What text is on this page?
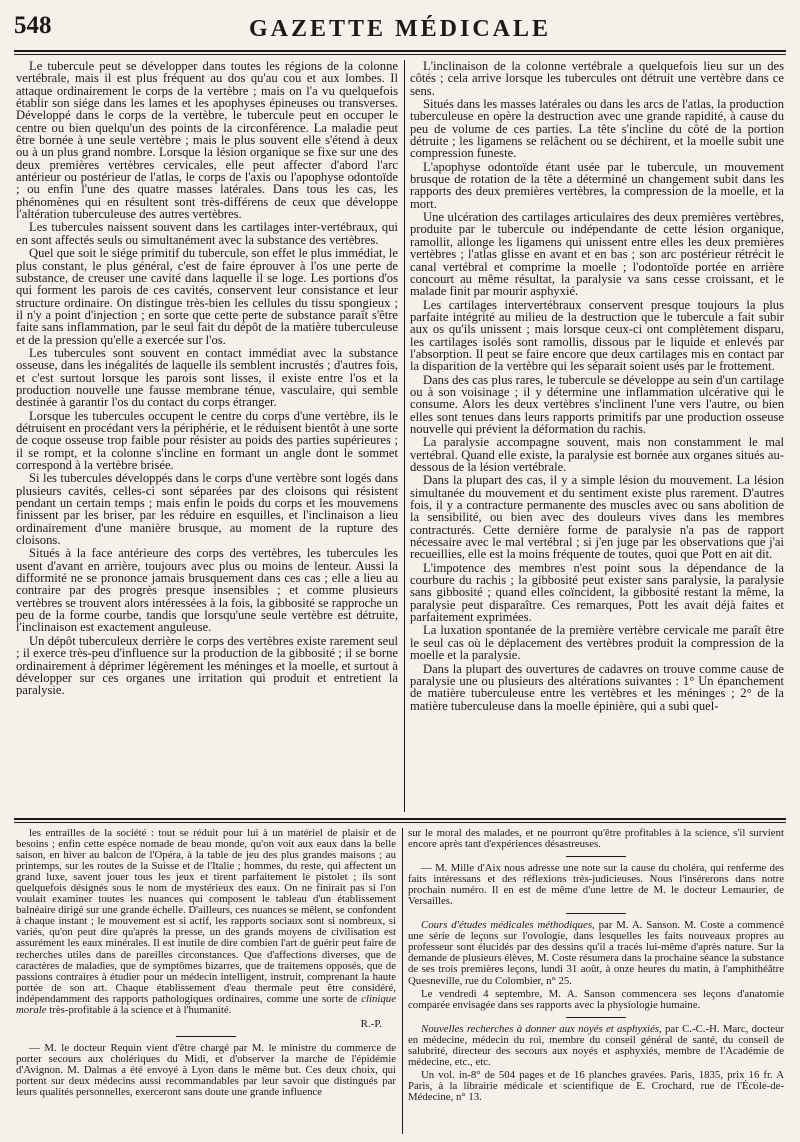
548	GAZETTE MÉDICALE

Le tubercule peut se développer dans toutes les régions de la colonne vertébrale, mais il est plus fréquent au dos qu'au cou et aux lombes. Il attaque ordinairement le corps de la vertèbre ; mais on l'a vu quelquefois établir son siége dans les lames et les apophyses épineuses ou transverses. Développé dans le corps de la vertèbre, le tubercule peut en occuper le centre ou bien quelqu'un des points de la circonférence. La maladie peut être bornée à une seule vertèbre ; mais le plus souvent elle s'étend à deux ou à un plus grand nombre. Lorsque la lésion organique se fixe sur une des deux premières vertèbres cervicales, elle peut affecter d'abord l'arc antérieur ou postérieur de l'atlas, le corps de l'axis ou l'apophyse odontoïde ; ou enfin l'une des quatre masses latérales. Dans tous les cas, les phénomènes qui en résultent sont très-différens de ceux que développe l'altération tuberculeuse des autres vertèbres.

Les tubercules naissent souvent dans les cartilages inter-vertébraux, qui en sont affectés seuls ou simultanément avec la substance des vertèbres.

Quel que soit le siége primitif du tubercule, son effet le plus immédiat, le plus constant, le plus général, c'est de faire éprouver à l'os une perte de substance, de creuser une cavité dans laquelle il se loge. Les portions d'os qui forment les parois de ces cavités, conservent leur consistance et leur structure ordinaire. On distingue très-bien les cellules du tissu spongieux ; il n'y a point d'injection ; en sorte que cette perte de substance paraît s'être faite sans inflammation, par le seul fait du dépôt de la matière tuberculeuse et de la pression qu'elle a exercée sur l'os.

Les tubercules sont souvent en contact immédiat avec la substance osseuse, dans les inégalités de laquelle ils semblent incrustés ; d'autres fois, et c'est surtout lorsque les parois sont lisses, il existe entre l'os et la production nouvelle une fausse membrane ténue, vasculaire, qui semble destinée à garantir l'os du contact du corps étranger.

Lorsque les tubercules occupent le centre du corps d'une vertèbre, ils le détruisent en procédant vers la périphérie, et le réduisent bientôt à une sorte de coque osseuse trop faible pour résister au poids des parties supérieures ; il se rompt, et la colonne s'incline en formant un angle dont le sommet correspond à la vertèbre brisée.

Si les tubercules développés dans le corps d'une vertèbre sont logés dans plusieurs cavités, celles-ci sont séparées par des cloisons qui résistent pendant un certain temps ; mais enfin le poids du corps et les mouvemens finissent par les briser, par les réduire en esquilles, et l'inclinaison a lieu ordinairement d'une manière brusque, au moment de la rupture des cloisons.

Situés à la face antérieure des corps des vertèbres, les tubercules les usent d'avant en arrière, toujours avec plus ou moins de lenteur. Aussi la difformité ne se prononce jamais brusquement dans ces cas ; elle a lieu au contraire par des progrès presque insensibles ; et comme plusieurs vertèbres se trouvent alors intéressées à la fois, la gibbosité se rapproche un peu de la forme courbe, tandis que lorsqu'une seule vertèbre est détruite, l'inclinaison est exactement anguleuse.

Un dépôt tuberculeux derrière le corps des vertèbres existe rarement seul ; il exerce très-peu d'influence sur la production de la gibbosité ; il se borne ordinairement à déprimer légèrement les méninges et la moelle, et surtout à développer sur ces organes une irritation qui produit et entretient la paralysie.

L'inclinaison de la colonne vertébrale a quelquefois lieu sur un des côtés ; cela arrive lorsque les tubercules ont détruit une vertèbre dans ce sens.

Situés dans les masses latérales ou dans les arcs de l'atlas, la production tuberculeuse en opère la destruction avec une grande rapidité, à cause du peu de volume de ces parties. La tête s'incline du côté de la portion détruite ; les ligamens se relâchent ou se déchirent, et la moelle subit une compression funeste.

L'apophyse odontoïde étant usée par le tubercule, un mouvement brusque de rotation de la tête a déterminé un changement subit dans les rapports des deux premières vertèbres, la compression de la moelle, et la mort.

Une ulcération des cartilages articulaires des deux premières vertèbres, produite par le tubercule ou indépendante de cette lésion organique, ramollit, allonge les ligamens qui unissent entre elles les deux premières vertèbres ; l'atlas glisse en avant et en bas ; son arc postérieur rétrécit le canal vertébral et comprime la moelle ; l'odontoïde portée en arrière concourt au même résultat, la paralysie va sans cesse croissant, et le malade finit par mourir asphyxié.

Les cartilages intervertébraux conservent presque toujours la plus parfaite intégrité au milieu de la destruction que le tubercule a fait subir aux os qu'ils unissent ; mais lorsque ceux-ci ont complètement disparu, les cartilages isolés sont ramollis, dissous par le liquide et enlevés par l'absorption. Il peut se faire encore que deux cartilages mis en contact par la disparition de la vertèbre qui les séparait soient usés par le frottement.

Dans des cas plus rares, le tubercule se développe au sein d'un cartilage ou à son voisinage ; il y détermine une inflammation ulcérative qui le consume. Alors les deux vertèbres s'inclinent l'une vers l'autre, ou bien elles sont tenues dans leurs rapports primitifs par une production osseuse nouvelle qui prévient la déformation du rachis.

La paralysie accompagne souvent, mais non constamment le mal vertébral. Quand elle existe, la paralysie est bornée aux organes situés au-dessous de la lésion vertébrale.

Dans la plupart des cas, il y a simple lésion du mouvement. La lésion simultanée du mouvement et du sentiment existe plus rarement. D'autres fois, il y a contracture permanente des muscles avec ou sans abolition de la sensibilité, ou bien avec des douleurs vives dans les membres contracturés. Cette dernière forme de paralysie n'a pas de rapport nécessaire avec le mal vertébral ; si j'en juge par les observations que j'ai recueillies, elle est la moins fréquente de toutes, quoi que Pott en ait dit.

L'impotence des membres n'est point sous la dépendance de la courbure du rachis ; la gibbosité peut exister sans paralysie, la paralysie sans gibbosité ; quand elles coïncident, la gibbosité restant la même, la paralysie peut disparaître. Ces remarques, Pott les avait déjà faites et parfaitement exprimées.

La luxation spontanée de la première vertèbre cervicale me paraît être le seul cas où le déplacement des vertèbres produit la compression de la moelle et la paralysie.

Dans la plupart des ouvertures de cadavres on trouve comme cause de paralysie une ou plusieurs des altérations suivantes : 1° Un épanchement de matière tuberculeuse entre les vertèbres et les méninges ; 2° de la matière tuberculeuse dans la moelle épinière, qui a subi quel-

les entrailles de la société : tout se réduit pour lui à un matériel de plaisir et de besoins ; enfin cette espèce nomade de beau monde, qu'on voit aux eaux dans la belle saison, en hiver au balcon de l'Opéra, à la table de jeu des plus grandes maisons ; au printemps, sur les routes de la Suisse et de l'Italie ; hommes, du reste, qui affectent un grand luxe, savent jouer tous les jeux et tirent parfaitement le pistolet ; ils sont quelquefois désignés sous le nom de mystérieux des eaux. On ne finirait pas si l'on voulait examiner toutes les nuances qui composent le tableau d'un établissement balnéaire dirigé sur une grande échelle. D'ailleurs, ces nuances se mêlent, se confondent à chaque instant ; le mouvement est si actif, les rapports sociaux sont si nombreux, si variés, qu'on peut dire qu'après la presse, un des grands moyens de civilisation est assurément les eaux minérales. Il est inutile de dire combien l'art de guérir peut faire de recherches utiles dans de pareilles circonstances. Que d'affections diverses, que de caractères de maladies, que de symptômes bizarres, que de traitemens opposés, que de passions contraires à étudier pour un médecin intelligent, instruit, comprenant la haute portée de son art. Chaque établissement d'eau thermale peut être considéré, indépendamment des rapports pathologiques ordinaires, comme une sorte de clinique morale très-profitable à la science et à l'humanité.

R.-P.

— M. le docteur Requin vient d'être chargé par M. le ministre du commerce de porter secours aux cholériques du Midi, et d'observer la marche de l'épidémie d'Avignon. M. Dalmas a été envoyé à Lyon dans le même but. Ces deux choix, qui portent sur deux médecins aussi recommandables par leur savoir que distingués par leurs qualités personnelles, exerceront sans doute une grande influence

sur le moral des malades, et ne pourront qu'être profitables à la science, s'il survient encore après tant d'expériences désastreuses.

— M. Mille d'Aix nous adresse une note sur la cause du choléra, qui renferme des faits intéressans et des réflexions très-judicieuses. Nous l'insérerons dans notre prochain numéro. Il en est de même d'une lettre de M. le docteur Lemaurier, de Versailles.

Cours d'études médicales méthodiques, par M. A. Sanson. M. Coste a commencé une série de leçons sur l'ovologie, dans lesquelles les faits nouveaux propres au professeur sont élucidés par des dessins qu'il a tracés lui-même d'après nature. Sur la demande de plusieurs élèves, M. Coste résumera dans la prochaine séance la substance de ses trois premières leçons, lundi 31 août, à onze heures du matin, à l'amphithéâtre Quesneville, rue du Colombier, n° 25.

Le vendredi 4 septembre, M. A. Sanson commencera ses leçons d'anatomie comparée envisagée dans ses rapports avec la physiologie humaine.

Nouvelles recherches à donner aux noyés et asphyxiés, par C.-C.-H. Marc, docteur en médecine, médecin du roi, membre du conseil général de santé, du conseil de salubrité, directeur des secours aux noyés et asphyxiés, membre de l'Académie de médecine, etc., etc.

Un vol. in-8° de 504 pages et de 16 planches gravées. Paris, 1835, prix 16 fr. A Paris, à la librairie médicale et scientifique de E. Crochard, rue de l'École-de-Médecine, n° 13.
